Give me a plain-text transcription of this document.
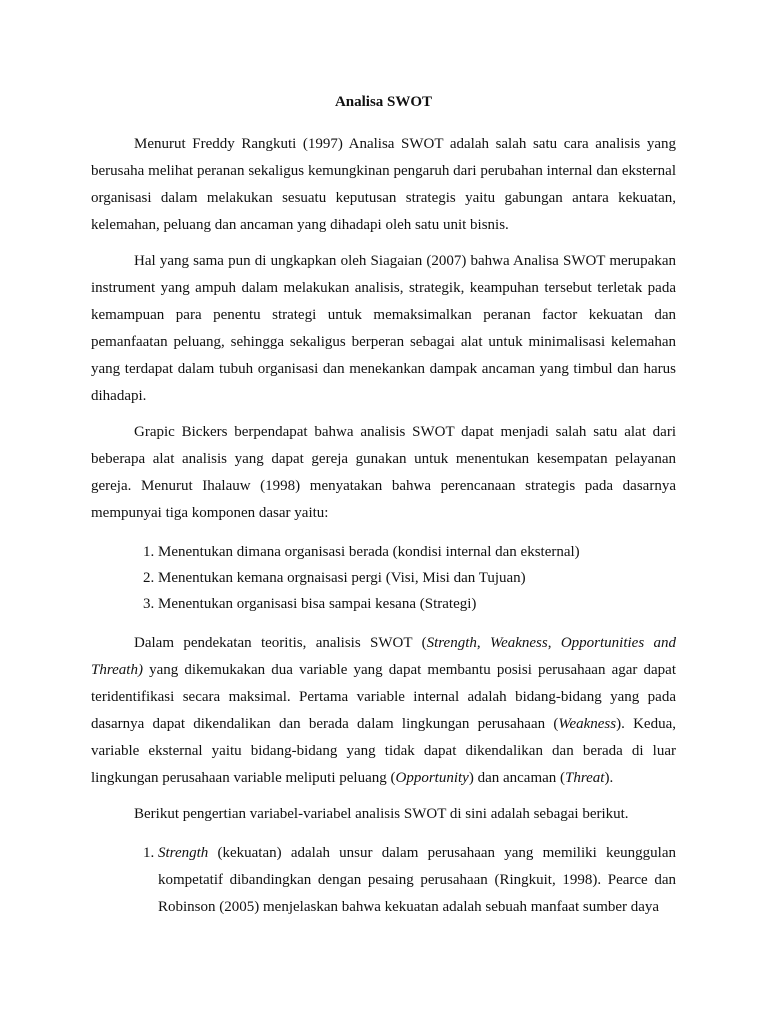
Analisa SWOT

Menurut Freddy Rangkuti (1997) Analisa SWOT adalah salah satu cara analisis yang berusaha melihat peranan sekaligus kemungkinan pengaruh dari perubahan internal dan eksternal organisasi dalam melakukan sesuatu keputusan strategis yaitu gabungan antara kekuatan, kelemahan, peluang dan ancaman yang dihadapi oleh satu unit bisnis.

Hal yang sama pun di ungkapkan oleh Siagaian (2007) bahwa Analisa SWOT merupakan instrument yang ampuh dalam melakukan analisis, strategik, keampuhan tersebut terletak pada kemampuan para penentu strategi untuk memaksimalkan peranan factor kekuatan dan pemanfaatan peluang, sehingga sekaligus berperan sebagai alat untuk minimalisasi kelemahan yang terdapat dalam tubuh organisasi dan menekankan dampak ancaman yang timbul dan harus dihadapi.

Grapic Bickers berpendapat bahwa analisis SWOT dapat menjadi salah satu alat dari beberapa alat analisis yang dapat gereja gunakan untuk menentukan kesempatan pelayanan gereja. Menurut Ihalauw (1998) menyatakan bahwa perencanaan strategis pada dasarnya mempunyai tiga komponen dasar yaitu:

1. Menentukan dimana organisasi berada (kondisi internal dan eksternal)
2. Menentukan kemana orgnaisasi pergi (Visi, Misi dan Tujuan)
3. Menentukan organisasi bisa sampai kesana (Strategi)

Dalam pendekatan teoritis, analisis SWOT (Strength, Weakness, Opportunities and Threath) yang dikemukakan dua variable yang dapat membantu posisi perusahaan agar dapat teridentifikasi secara maksimal. Pertama variable internal adalah bidang-bidang yang pada dasarnya dapat dikendalikan dan berada dalam lingkungan perusahaan (Weakness). Kedua, variable eksternal yaitu bidang-bidang yang tidak dapat dikendalikan dan berada di luar lingkungan perusahaan variable meliputi peluang (Opportunity) dan ancaman (Threat).

Berikut pengertian variabel-variabel analisis SWOT di sini adalah sebagai berikut.

1. Strength (kekuatan) adalah unsur dalam perusahaan yang memiliki keunggulan kompetatif dibandingkan dengan pesaing perusahaan (Ringkuit, 1998). Pearce dan Robinson (2005) menjelaskan bahwa kekuatan adalah sebuah manfaat sumber daya
